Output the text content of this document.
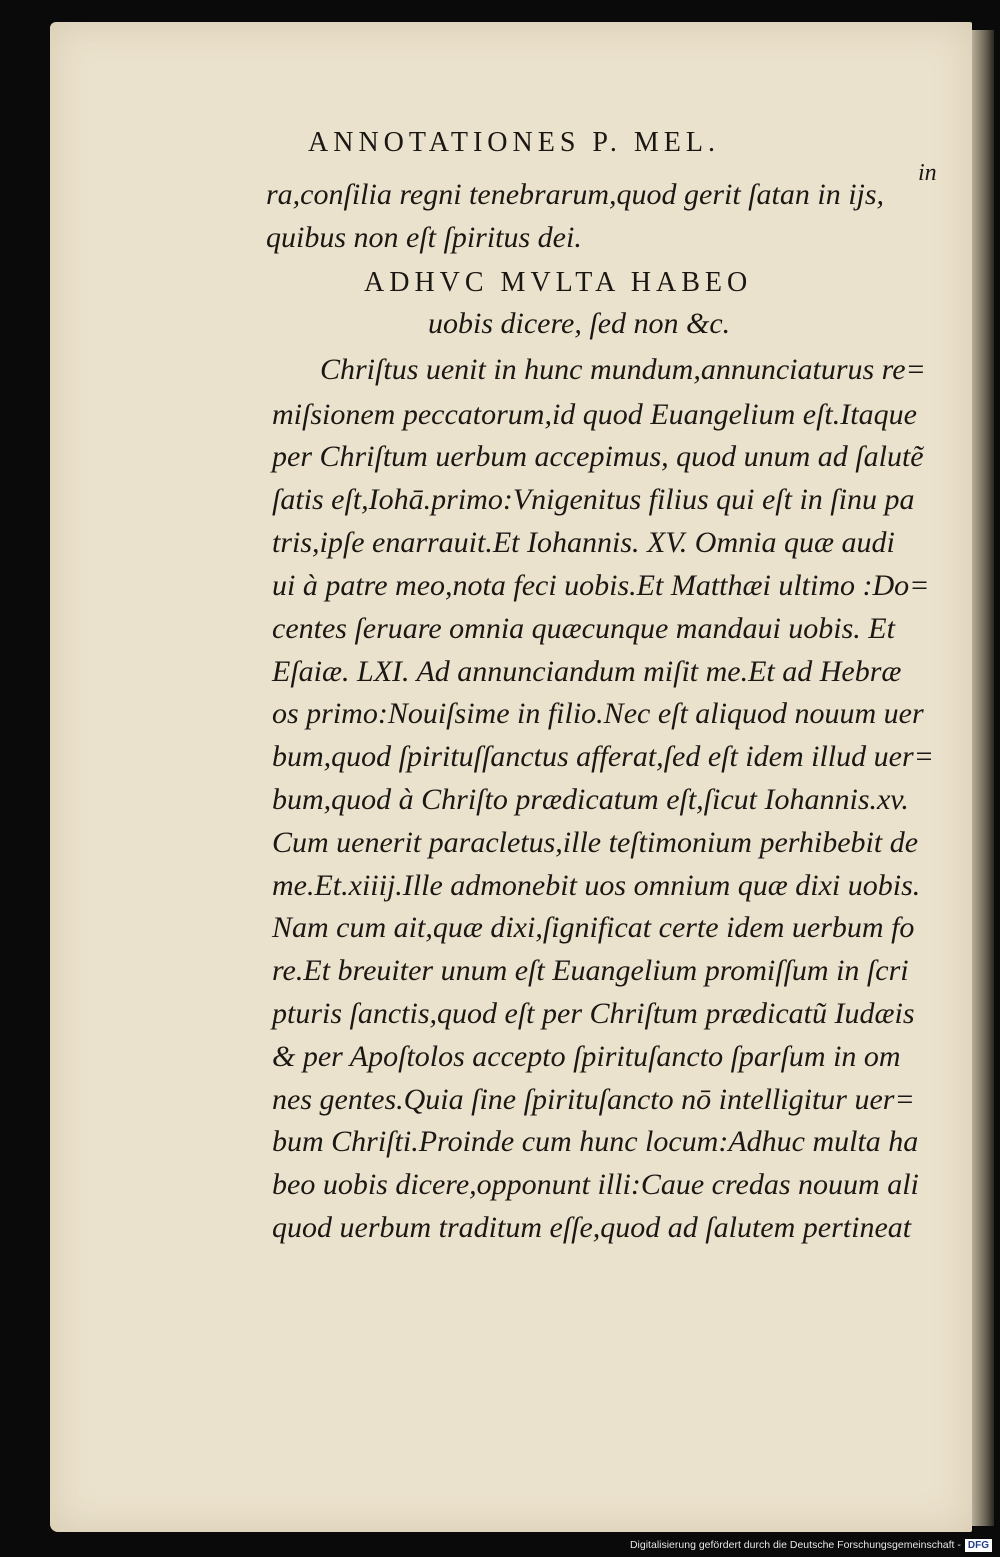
ANNOTATIONES P. MEL.
in
ra,conſilia regni tenebrarum,quod gerit ſatan in ijs,
quibus non eſt ſpiritus dei.
ADHVC MVLTA HABEO
uobis dicere, ſed non &c.
Chriſtus uenit in hunc mundum,annunciaturus re=
miſsionem peccatorum,id quod Euangelium eſt.Itaque
per Chriſtum uerbum accepimus, quod unum ad ſalutẽ
ſatis eſt,Iohā.primo:Vnigenitus filius qui eſt in ſinu pa
tris,ipſe enarrauit.Et Iohannis. XV. Omnia quæ audi
ui à patre meo,nota feci uobis.Et Matthæi ultimo :Do=
centes ſeruare omnia quæcunque mandaui uobis. Et
Eſaiæ. LXI. Ad annunciandum miſit me.Et ad Hebræ
os primo:Nouiſsime in filio.Nec eſt aliquod nouum uer
bum,quod ſpirituſſanctus afferat,ſed eſt idem illud uer=
bum,quod à Chriſto prædicatum eſt,ſicut Iohannis.xv.
Cum uenerit paracletus,ille teſtimonium perhibebit de
me.Et.xiiij.Ille admonebit uos omnium quæ dixi uobis.
Nam cum ait,quæ dixi,ſignificat certe idem uerbum fo
re.Et breuiter unum eſt Euangelium promiſſum in ſcri
pturis ſanctis,quod eſt per Chriſtum prædicatũ Iudæis
& per Apoſtolos accepto ſpirituſancto ſparſum in om
nes gentes.Quia ſine ſpirituſancto nō intelligitur uer=
bum Chriſti.Proinde cum hunc locum:Adhuc multa ha
beo uobis dicere,opponunt illi:Caue credas nouum ali
quod uerbum traditum eſſe,quod ad ſalutem pertineat
Digitalisierung gefördert durch die Deutsche Forschungsgemeinschaft - DFG
